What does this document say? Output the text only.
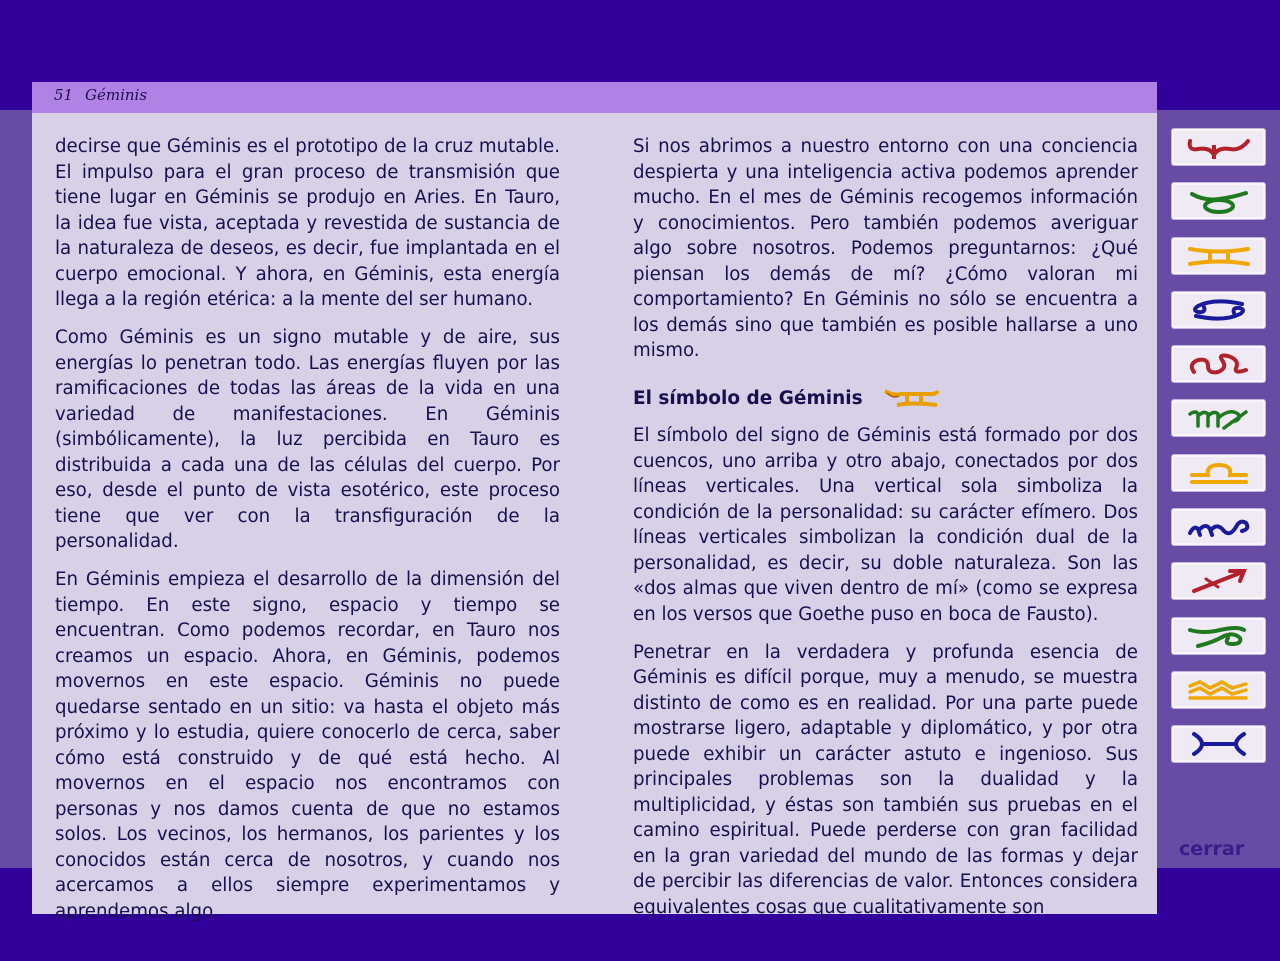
51 Géminis

decirse que Géminis es el prototipo de la cruz mutable. El impulso para el gran proceso de transmisión que tiene lugar en Géminis se produjo en Aries. En Tauro, la idea fue vista, aceptada y revestida de sustancia de la naturaleza de deseos, es decir, fue implantada en el cuerpo emocional. Y ahora, en Géminis, esta energía llega a la región etérica: a la mente del ser humano.

Como Géminis es un signo mutable y de aire, sus energías lo penetran todo. Las energías fluyen por las ramificaciones de todas las áreas de la vida en una variedad de manifestaciones. En Géminis (simbólicamente), la luz percibida en Tauro es distribuida a cada una de las células del cuerpo. Por eso, desde el punto de vista esotérico, este proceso tiene que ver con la transfiguración de la personalidad.

En Géminis empieza el desarrollo de la dimensión del tiempo. En este signo, espacio y tiempo se encuentran. Como podemos recordar, en Tauro nos creamos un espacio. Ahora, en Géminis, podemos movernos en este espacio. Géminis no puede quedarse sentado en un sitio: va hasta el objeto más próximo y lo estudia, quiere conocerlo de cerca, saber cómo está construido y de qué está hecho. Al movernos en el espacio nos encontramos con personas y nos damos cuenta de que no estamos solos. Los vecinos, los hermanos, los parientes y los conocidos están cerca de nosotros, y cuando nos acercamos a ellos siempre experimentamos y aprendemos algo.

Si nos abrimos a nuestro entorno con una conciencia despierta y una inteligencia activa podemos aprender mucho. En el mes de Géminis recogemos información y conocimientos. Pero también podemos averiguar algo sobre nosotros. Podemos preguntarnos: ¿Qué piensan los demás de mí? ¿Cómo valoran mi comportamiento? En Géminis no sólo se encuentra a los demás sino que también es posible hallarse a uno mismo.

El símbolo de Géminis

El símbolo del signo de Géminis está formado por dos cuencos, uno arriba y otro abajo, conectados por dos líneas verticales. Una vertical sola simboliza la condición de la personalidad: su carácter efímero. Dos líneas verticales simbolizan la condición dual de la personalidad, es decir, su doble naturaleza. Son las «dos almas que viven dentro de mí» (como se expresa en los versos que Goethe puso en boca de Fausto).

Penetrar en la verdadera y profunda esencia de Géminis es difícil porque, muy a menudo, se muestra distinto de como es en realidad. Por una parte puede mostrarse ligero, adaptable y diplomático, y por otra puede exhibir un carácter astuto e ingenioso. Sus principales problemas son la dualidad y la multiplicidad, y éstas son también sus pruebas en el camino espiritual. Puede perderse con gran facilidad en la gran variedad del mundo de las formas y dejar de percibir las diferencias de valor. Entonces considera equivalentes cosas que cualitativamente son

cerrar
